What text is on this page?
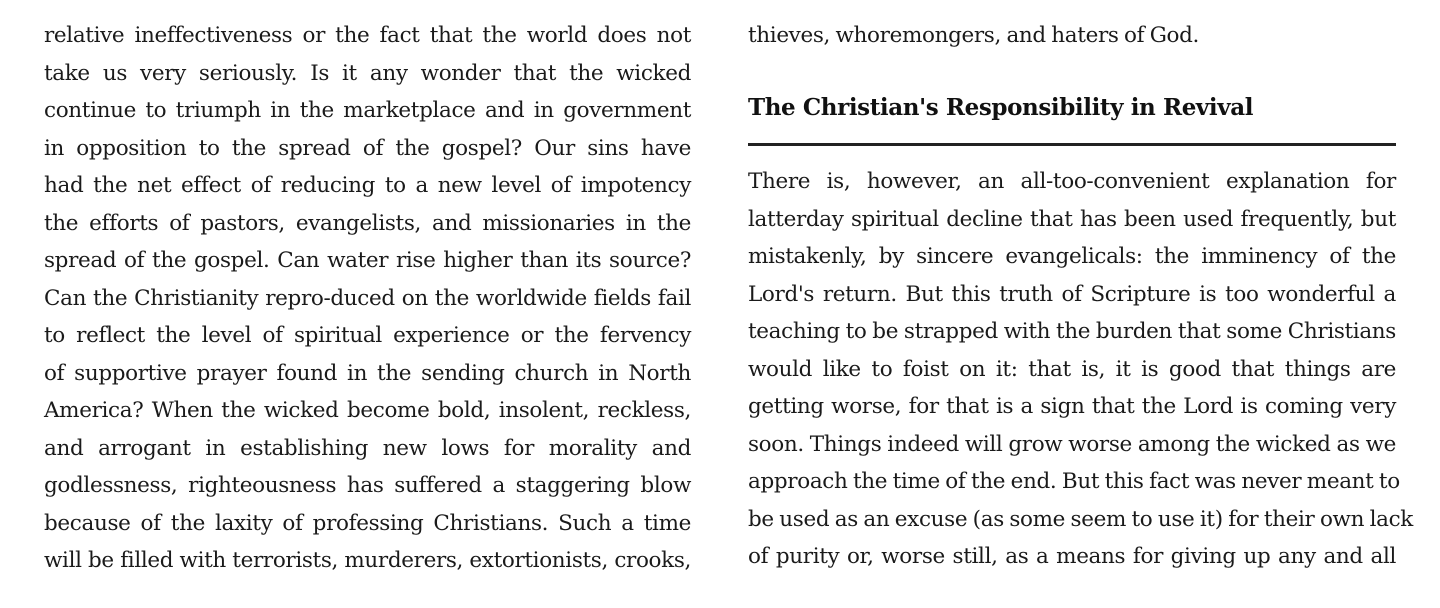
relative ineffectiveness or the fact that the world does not
take us very seriously. Is it any wonder that the wicked
continue to triumph in the marketplace and in government
in opposition to the spread of the gospel? Our sins have
had the net effect of reducing to a new level of impotency
the efforts of pastors, evangelists, and missionaries in the
spread of the gospel. Can water rise higher than its source?
Can the Christianity repro-duced on the worldwide fields fail
to reflect the level of spiritual experience or the fervency
of supportive prayer found in the sending church in North
America? When the wicked become bold, insolent, reckless,
and arrogant in establishing new lows for morality and
godlessness, righteousness has suffered a staggering blow
because of the laxity of professing Christians. Such a time
will be filled with terrorists, murderers, extortionists, crooks,
thieves, whoremongers, and haters of God.
The Christian's Responsibility in Revival
There is, however, an all-too-convenient explanation for
latterday spiritual decline that has been used frequently, but
mistakenly, by sincere evangelicals: the imminency of the
Lord's return. But this truth of Scripture is too wonderful a
teaching to be strapped with the burden that some Christians
would like to foist on it: that is, it is good that things are
getting worse, for that is a sign that the Lord is coming very
soon. Things indeed will grow worse among the wicked as we
approach the time of the end. But this fact was never meant to
be used as an excuse (as some seem to use it) for their own lack
of purity or, worse still, as a means for giving up any and all
